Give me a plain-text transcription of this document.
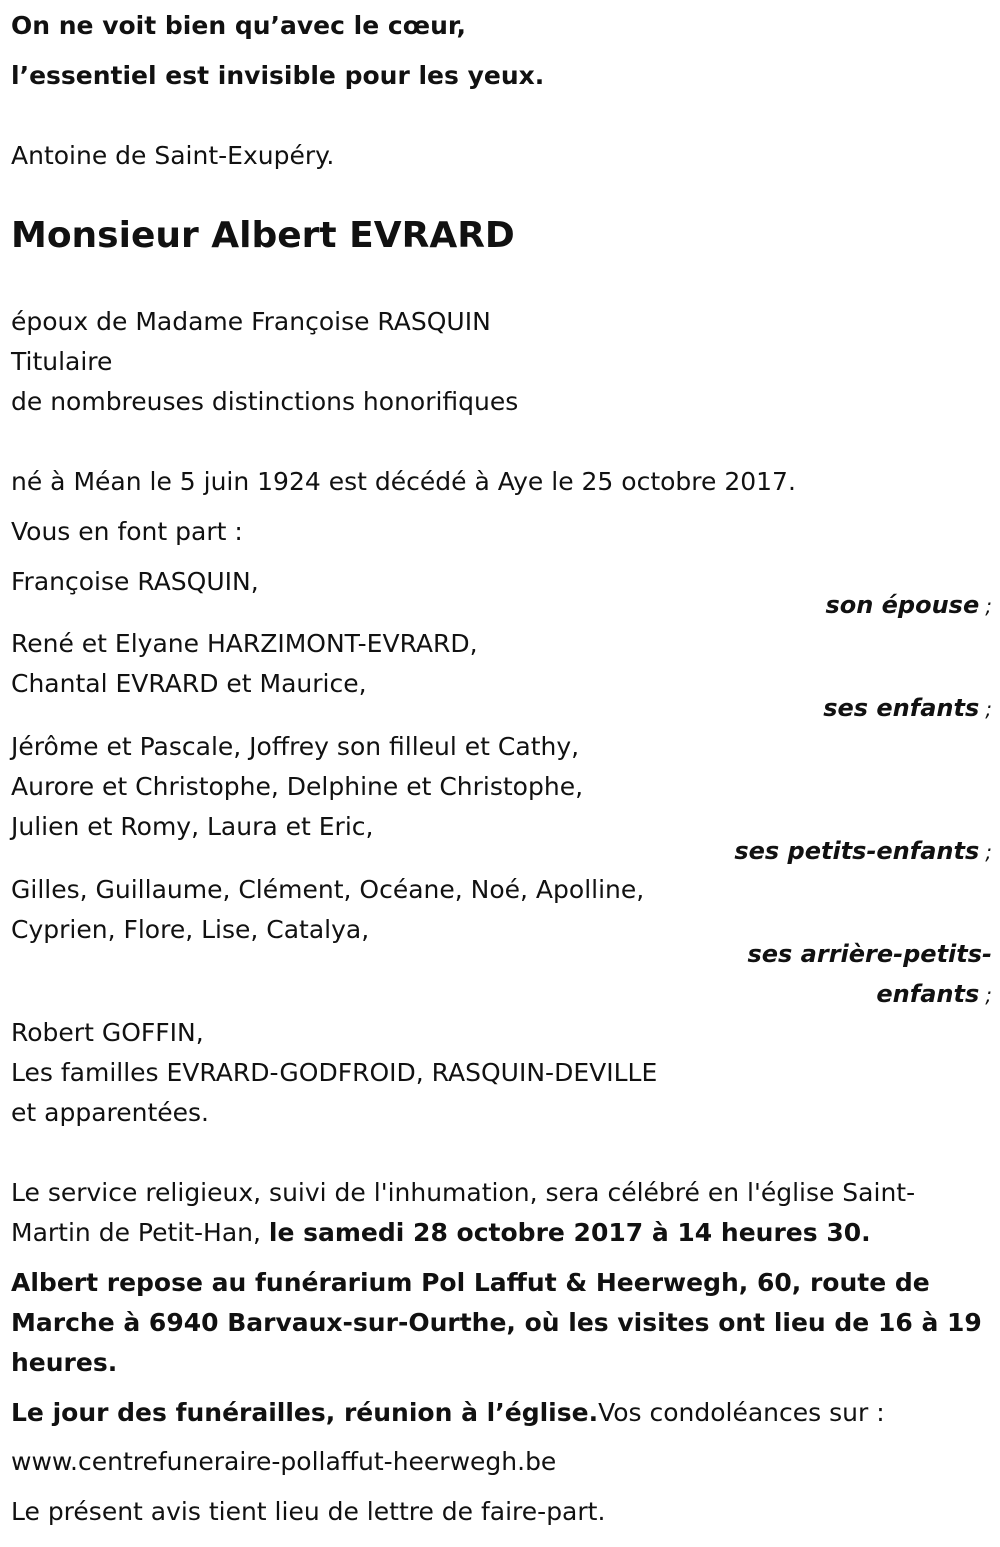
On ne voit bien qu’avec le cœur,
l’essentiel est invisible pour les yeux.
Antoine de Saint-Exupéry.
Monsieur Albert EVRARD
époux de Madame Françoise RASQUIN
Titulaire
de nombreuses distinctions honorifiques
né à Méan le 5 juin 1924 est décédé à Aye le 25 octobre 2017.
Vous en font part :
Françoise RASQUIN,
son épouse ;
René et Elyane HARZIMONT-EVRARD,
Chantal EVRARD et Maurice,
ses enfants ;
Jérôme et Pascale, Joffrey son filleul et Cathy,
Aurore et Christophe, Delphine et Christophe,
Julien et Romy, Laura et Eric,
ses petits-enfants ;
Gilles, Guillaume, Clément, Océane, Noé, Apolline,
Cyprien, Flore, Lise, Catalya,
ses arrière-petits-
enfants ;
Robert GOFFIN,
Les familles EVRARD-GODFROID, RASQUIN-DEVILLE
et apparentées.
Le service religieux, suivi de l'inhumation, sera célébré en l'église Saint-
Martin de Petit-Han, le samedi 28 octobre 2017 à 14 heures 30.
Albert repose au funérarium Pol Laffut & Heerwegh, 60, route de
Marche à 6940 Barvaux-sur-Ourthe, où les visites ont lieu de 16 à 19
heures.
Le jour des funérailles, réunion à l’église.Vos condoléances sur :
www.centrefuneraire-pollaffut-heerwegh.be
Le présent avis tient lieu de lettre de faire-part.
